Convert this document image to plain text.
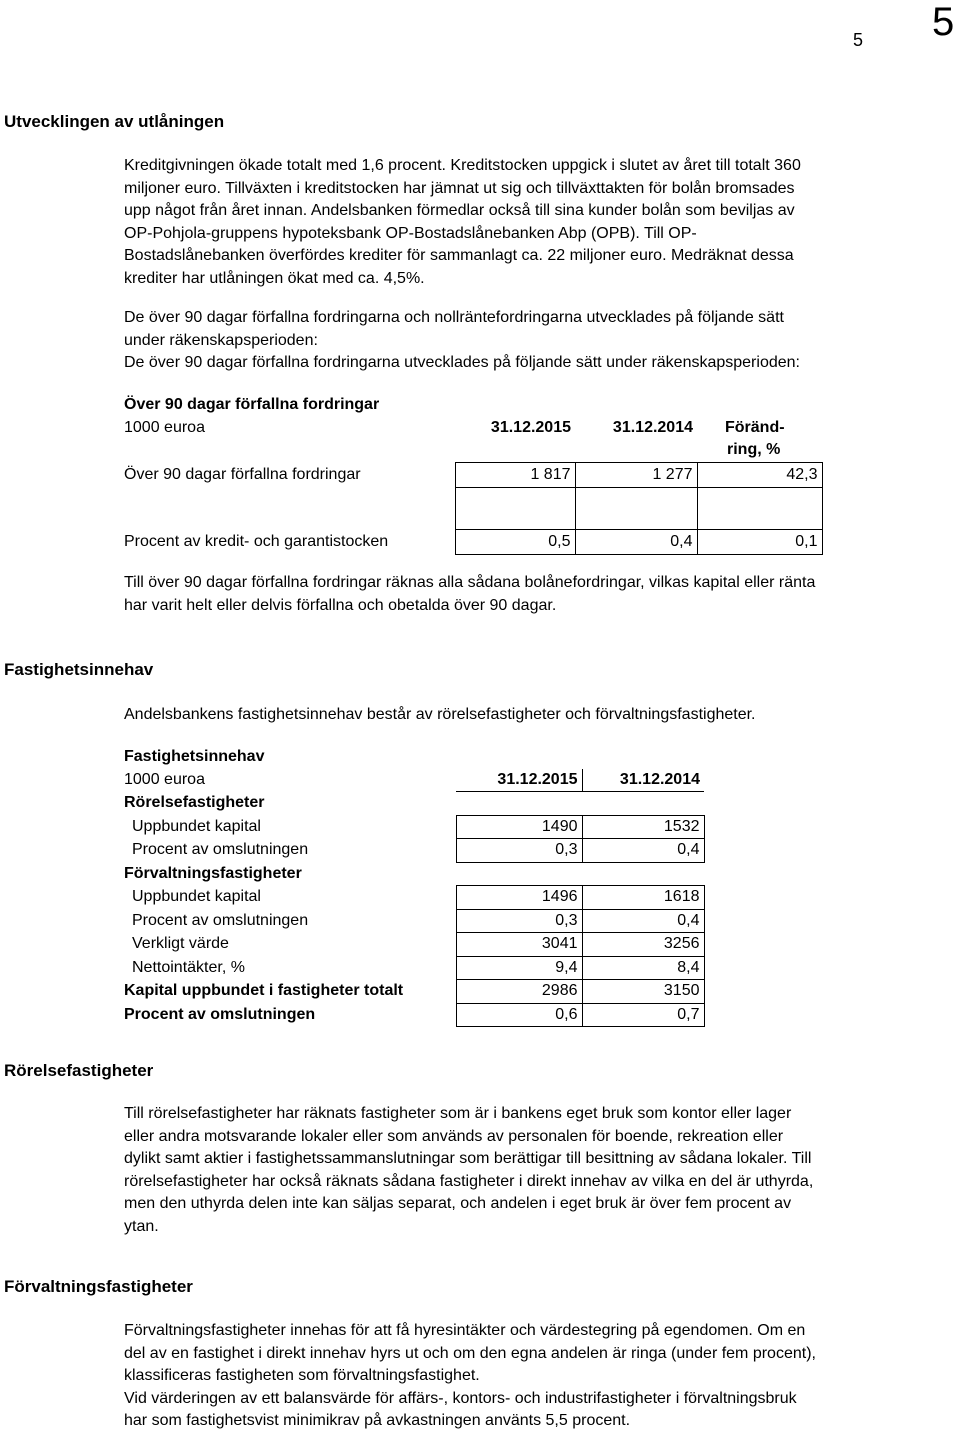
5 5
Utvecklingen av utlåningen
Kreditgivningen ökade totalt med 1,6 procent. Kreditstocken uppgick i slutet av året till totalt 360
miljoner euro. Tillväxten i kreditstocken har jämnat ut sig och tillväxttakten för bolån bromsades
upp något från året innan. Andelsbanken förmedlar också till sina kunder bolån som beviljas av
OP-Pohjola-gruppens hypoteksbank OP-Bostadslånebanken Abp (OPB). Till OP-
Bostadslånebanken överfördes krediter för sammanlagt ca. 22 miljoner euro. Medräknat dessa
krediter har utlåningen ökat med ca. 4,5%.
De över 90 dagar förfallna fordringarna och nollräntefordringarna utvecklades på följande sätt
under räkenskapsperioden:
De över 90 dagar förfallna fordringarna utvecklades på följande sätt under räkenskapsperioden:
Över 90 dagar förfallna fordringar			
1000 euroa	31.12.2015	31.12.2014	Föränd-
			ring, %
Över 90 dagar förfallna fordringar	1 817	1 277	42,3

Procent av kredit- och garantistocken	0,5	0,4	0,1
Till över 90 dagar förfallna fordringar räknas alla sådana bolånefordringar, vilkas kapital eller ränta
har varit helt eller delvis förfallna och obetalda över 90 dagar.
Fastighetsinnehav
Andelsbankens fastighetsinnehav består av rörelsefastigheter och förvaltningsfastigheter.
Fastighetsinnehav		
1000 euroa	31.12.2015	31.12.2014
Rörelsefastigheter		
Uppbundet kapital	1490	1532
Procent av omslutningen	0,3	0,4
Förvaltningsfastigheter		
Uppbundet kapital	1496	1618
Procent av omslutningen	0,3	0,4
Verkligt värde	3041	3256
Nettointäkter, %	9,4	8,4
Kapital uppbundet i fastigheter totalt	2986	3150
Procent av omslutningen	0,6	0,7
Rörelsefastigheter
Till rörelsefastigheter har räknats fastigheter som är i bankens eget bruk som kontor eller lager
eller andra motsvarande lokaler eller som används av personalen för boende, rekreation eller
dylikt samt aktier i fastighetssammanslutningar som berättigar till besittning av sådana lokaler. Till
rörelsefastigheter har också räknats sådana fastigheter i direkt innehav av vilka en del är uthyrda,
men den uthyrda delen inte kan säljas separat, och andelen i eget bruk är över fem procent av
ytan.
Förvaltningsfastigheter
Förvaltningsfastigheter innehas för att få hyresintäkter och värdestegring på egendomen. Om en
del av en fastighet i direkt innehav hyrs ut och om den egna andelen är ringa (under fem procent),
klassificeras fastigheten som förvaltningsfastighet.
Vid värderingen av ett balansvärde för affärs-, kontors- och industrifastigheter i förvaltningsbruk
har som fastighetsvist minimikrav på avkastningen använts 5,5 procent.
